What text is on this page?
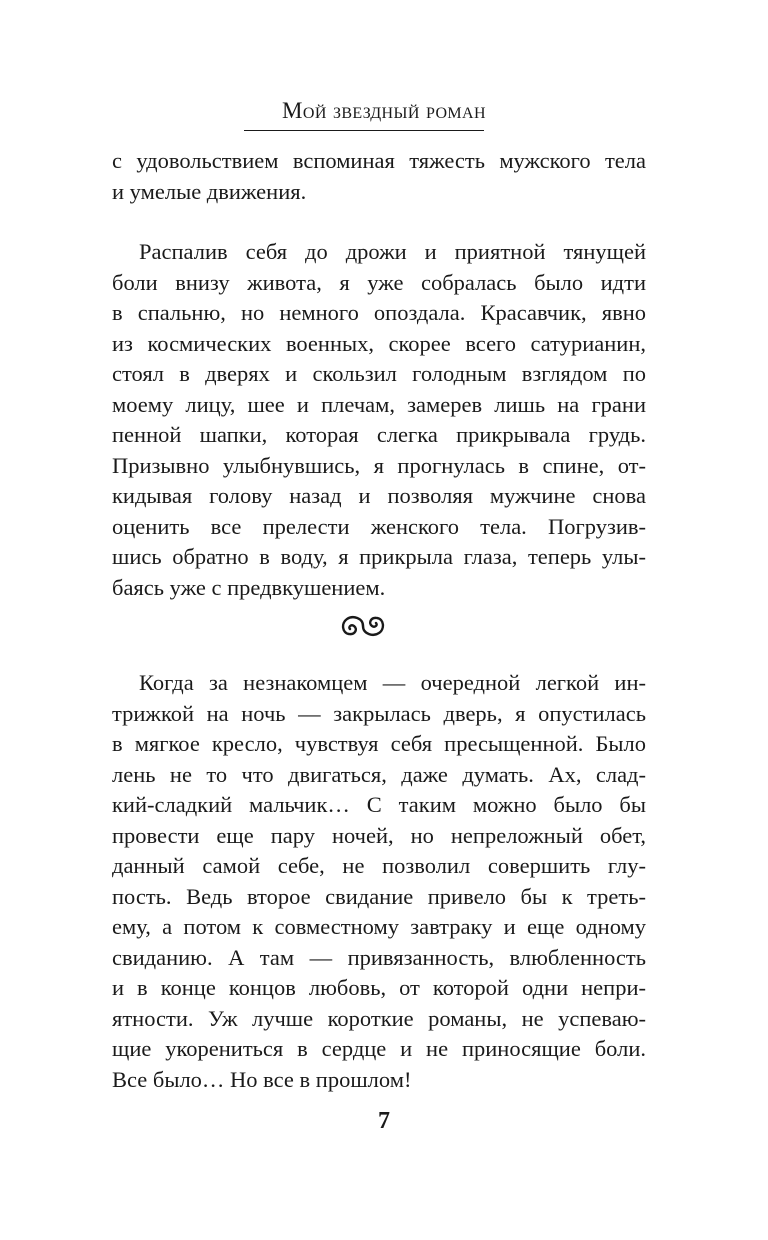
Мой звездный роман
с удовольствием вспоминая тяжесть мужского тела
и умелые движения.
Распалив себя до дрожи и приятной тянущей
боли внизу живота, я уже собралась было идти
в спальню, но немного опоздала. Красавчик, явно
из космических военных, скорее всего сатурианин,
стоял в дверях и скользил голодным взглядом по
моему лицу, шее и плечам, замерев лишь на грани
пенной шапки, которая слегка прикрывала грудь.
Призывно улыбнувшись, я прогнулась в спине, от-
кидывая голову назад и позволяя мужчине снова
оценить все прелести женского тела. Погрузив-
шись обратно в воду, я прикрыла глаза, теперь улы-
баясь уже с предвкушением.
Когда за незнакомцем — очередной легкой ин-
трижкой на ночь — закрылась дверь, я опустилась
в мягкое кресло, чувствуя себя пресыщенной. Было
лень не то что двигаться, даже думать. Ах, слад-
кий-сладкий мальчик… С таким можно было бы
провести еще пару ночей, но непреложный обет,
данный самой себе, не позволил совершить глу-
пость. Ведь второе свидание привело бы к треть-
ему, а потом к совместному завтраку и еще одному
свиданию. А там — привязанность, влюбленность
и в конце концов любовь, от которой одни непри-
ятности. Уж лучше короткие романы, не успеваю-
щие укорениться в сердце и не приносящие боли.
Все было… Но все в прошлом!
7
